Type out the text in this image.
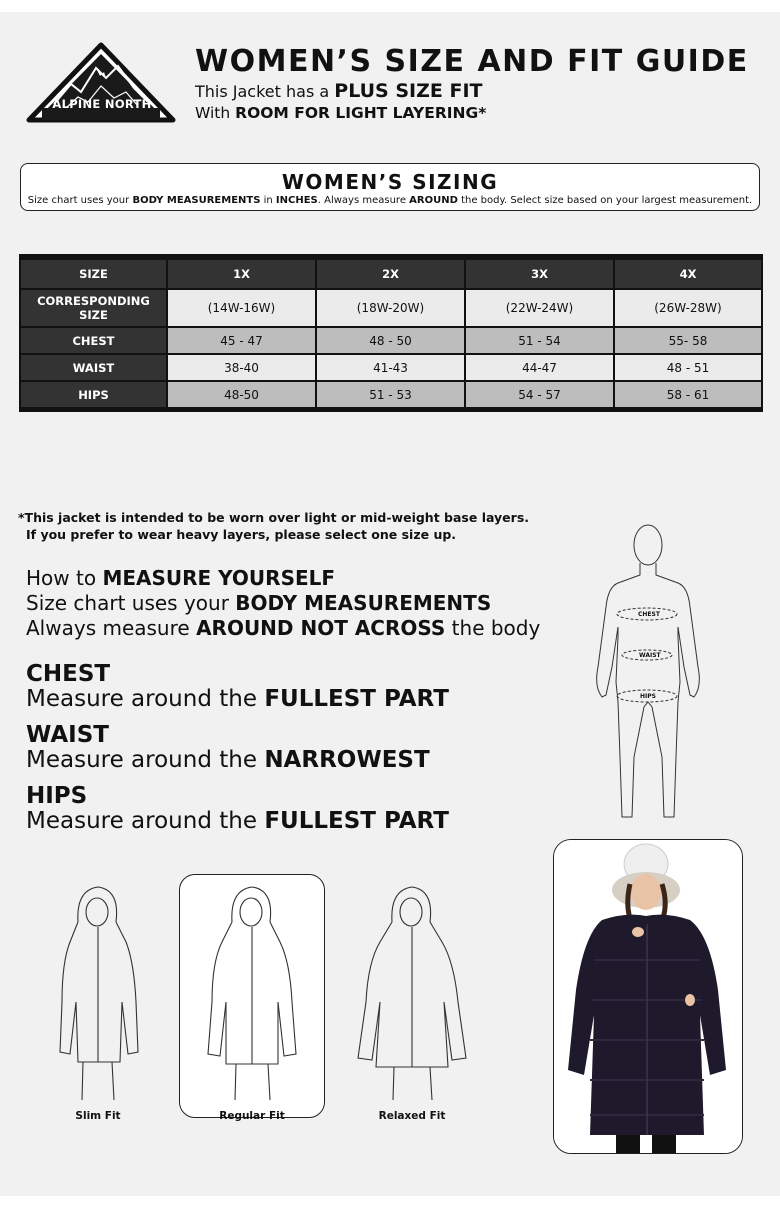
ALPINE NORTH
WOMEN’S SIZE AND FIT GUIDE
This Jacket has a PLUS SIZE FIT
With ROOM FOR LIGHT LAYERING*
WOMEN’S SIZING
Size chart uses your BODY MEASUREMENTS in INCHES. Always measure AROUND the body. Select size based on your largest measurement.
SIZE	1X	2X	3X	4X
CORRESPONDING
SIZE	(14W-16W)	(18W-20W)	(22W-24W)	(26W-28W)
CHEST	45 - 47	48 - 50	51 - 54	55- 58
WAIST	38-40	41-43	44-47	48 - 51
HIPS	48-50	51 - 53	54 - 57	58 - 61
*This jacket is intended to be worn over light or mid-weight base layers.
If you prefer to wear heavy layers, please select one size up.
How to MEASURE YOURSELF
Size chart uses your BODY MEASUREMENTS
Always measure AROUND NOT ACROSS the body
CHEST
Measure around the FULLEST PART
WAIST
Measure around the NARROWEST
HIPS
Measure around the FULLEST PART
CHEST
WAIST
HIPS
Slim Fit	Regular Fit	Relaxed Fit
